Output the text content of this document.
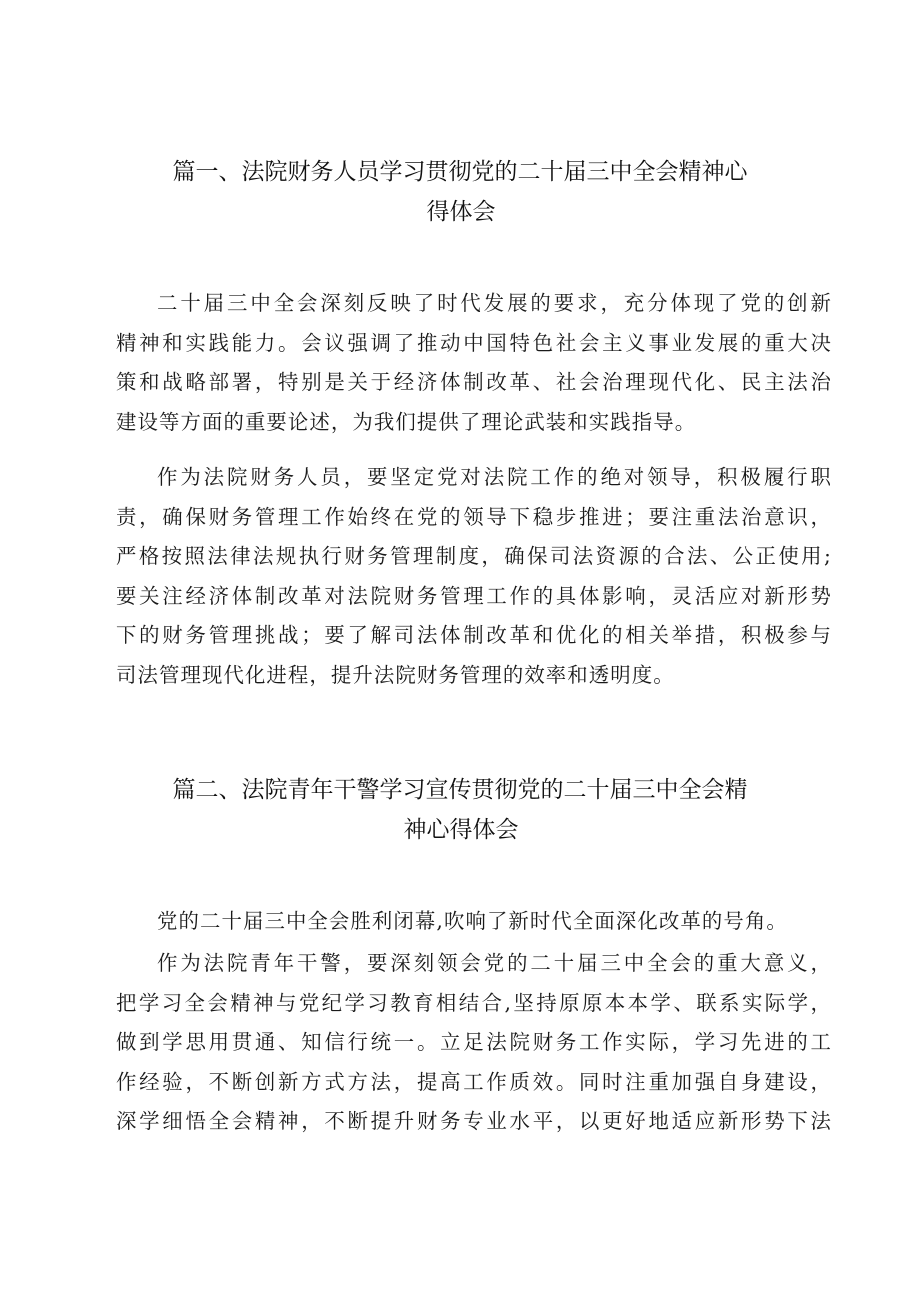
篇一、法院财务人员学习贯彻党的二十届三中全会精神心
得体会
二十届三中全会深刻反映了时代发展的要求，充分体现了党的创新
精神和实践能力。会议强调了推动中国特色社会主义事业发展的重大决
策和战略部署，特别是关于经济体制改革、社会治理现代化、民主法治
建设等方面的重要论述，为我们提供了理论武装和实践指导。
作为法院财务人员，要坚定党对法院工作的绝对领导，积极履行职
责，确保财务管理工作始终在党的领导下稳步推进；要注重法治意识，
严格按照法律法规执行财务管理制度，确保司法资源的合法、公正使用;
要关注经济体制改革对法院财务管理工作的具体影响，灵活应对新形势
下的财务管理挑战；要了解司法体制改革和优化的相关举措，积极参与
司法管理现代化进程，提升法院财务管理的效率和透明度。
篇二、法院青年干警学习宣传贯彻党的二十届三中全会精
神心得体会
党的二十届三中全会胜利闭幕,吹响了新时代全面深化改革的号角。
作为法院青年干警，要深刻领会党的二十届三中全会的重大意义，
把学习全会精神与党纪学习教育相结合,坚持原原本本学、联系实际学，
做到学思用贯通、知信行统一。立足法院财务工作实际，学习先进的工
作经验，不断创新方式方法，提高工作质效。同时注重加强自身建设，
深学细悟全会精神，不断提升财务专业水平，以更好地适应新形势下法
